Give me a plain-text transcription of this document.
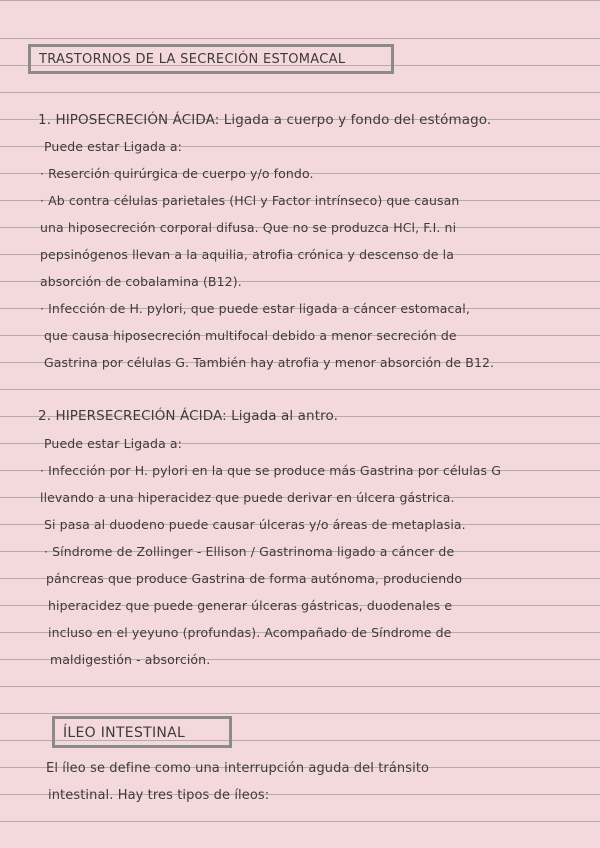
TRASTORNOS DE LA SECRECIÓN ESTOMACAL
1. HIPOSECRECIÓN ÁCIDA: Ligada a cuerpo y fondo del estómago.
Puede estar Ligada a:
· Reserción quirúrgica de cuerpo y/o fondo.
· Ab contra células parietales (HCl y Factor intrínseco) que causan
una hiposecreción corporal difusa. Que no se produzca HCl, F.I. ni
pepsinógenos llevan a la aquilia, atrofia crónica y descenso de la
absorción de cobalamina (B12).
· Infección de H. pylori, que puede estar ligada a cáncer estomacal,
que causa hiposecreción multifocal debido a menor secreción de
Gastrina por células G. También hay atrofia y menor absorción de B12.
2. HIPERSECRECIÓN ÁCIDA: Ligada al antro.
Puede estar Ligada a:
· Infección por H. pylori en la que se produce más Gastrina por células G
llevando a una hiperacidez que puede derivar en úlcera gástrica.
Si pasa al duodeno puede causar úlceras y/o áreas de metaplasia.
· Síndrome de Zollinger - Ellison / Gastrinoma ligado a cáncer de
páncreas que produce Gastrina de forma autónoma, produciendo
hiperacidez que puede generar úlceras gástricas, duodenales e
incluso en el yeyuno (profundas). Acompañado de Síndrome de
maldigestión - absorción.
ÍLEO INTESTINAL
El íleo se define como una interrupción aguda del tránsito
intestinal. Hay tres tipos de íleos:
